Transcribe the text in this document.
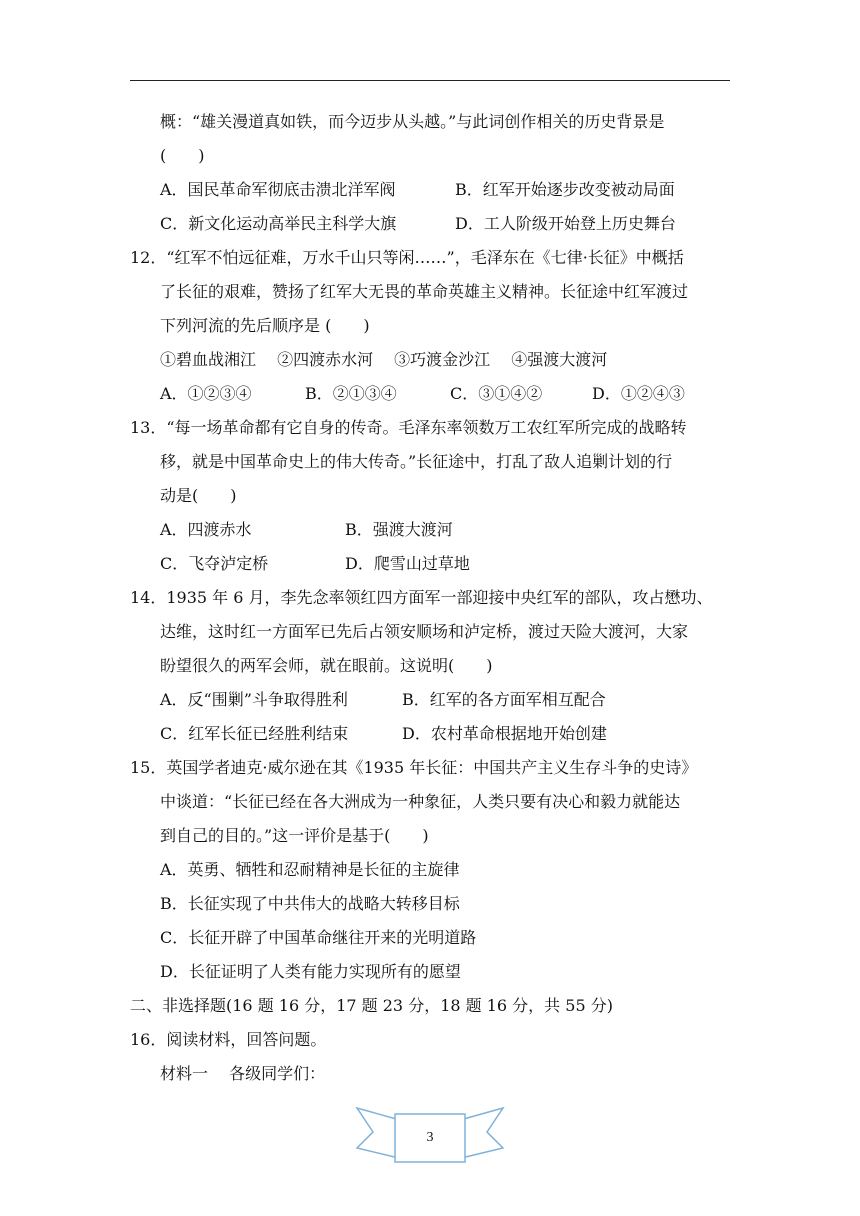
概：“雄关漫道真如铁，而今迈步从头越。”与此词创作相关的历史背景是
(　　)
A．国民革命军彻底击溃北洋军阀	B．红军开始逐步改变被动局面
C．新文化运动高举民主科学大旗	D．工人阶级开始登上历史舞台
12．“红军不怕远征难，万水千山只等闲……”，毛泽东在《七律·长征》中概括
了长征的艰难，赞扬了红军大无畏的革命英雄主义精神。长征途中红军渡过
下列河流的先后顺序是 (　　)
①碧血战湘江　 ②四渡赤水河　 ③巧渡金沙江　 ④强渡大渡河
A．①②③④	B．②①③④	C．③①④②	D．①②④③
13．“每一场革命都有它自身的传奇。毛泽东率领数万工农红军所完成的战略转
移，就是中国革命史上的伟大传奇。”长征途中，打乱了敌人追剿计划的行
动是(　　)
A．四渡赤水	B．强渡大渡河
C．飞夺泸定桥	D．爬雪山过草地
14．1935 年 6 月，李先念率领红四方面军一部迎接中央红军的部队，攻占懋功、
达维，这时红一方面军已先后占领安顺场和泸定桥，渡过天险大渡河，大家
盼望很久的两军会师，就在眼前。这说明(　　)
A．反“围剿”斗争取得胜利	B．红军的各方面军相互配合
C．红军长征已经胜利结束	D．农村革命根据地开始创建
15．英国学者迪克·威尔逊在其《1935 年长征：中国共产主义生存斗争的史诗》
中谈道：“长征已经在各大洲成为一种象征，人类只要有决心和毅力就能达
到自己的目的。”这一评价是基于(　　)
A．英勇、牺牲和忍耐精神是长征的主旋律
B．长征实现了中共伟大的战略大转移目标
C．长征开辟了中国革命继往开来的光明道路
D．长征证明了人类有能力实现所有的愿望
二、非选择题(16 题 16 分，17 题 23 分，18 题 16 分，共 55 分)
16．阅读材料，回答问题。
材料一　 各级同学们：
3
